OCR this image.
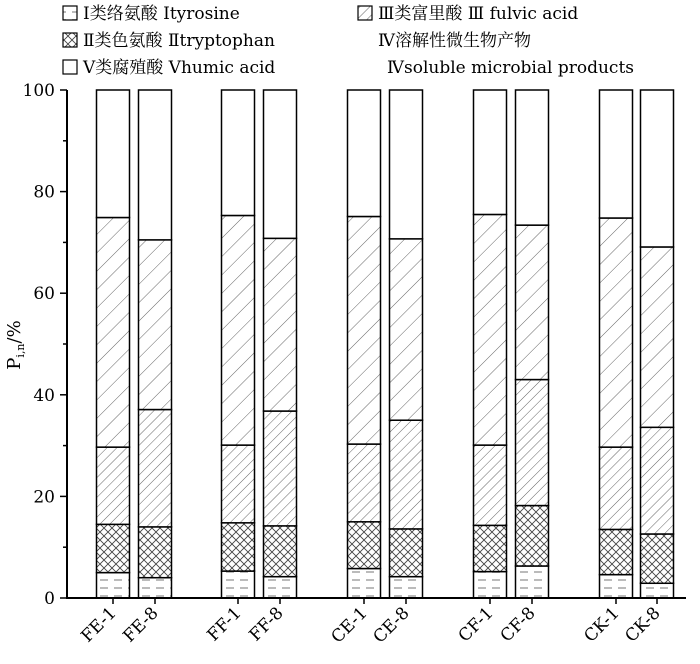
Ⅰ类络氨酸 Ⅰtyrosine
Ⅱ类色氨酸 Ⅱtryptophan
Ⅴ类腐殖酸 Ⅴhumic acid
Ⅲ类富里酸 Ⅲ fulvic acid
Ⅳ溶解性微生物产物
Ⅳsoluble microbial products
0
20
40
60
80
100
FE-1
FE-8 FF-1 FF-8 CE-1
CE-8 CF-1 CF-8 CK-1
CK-8
$P_{i,n}/\%$
